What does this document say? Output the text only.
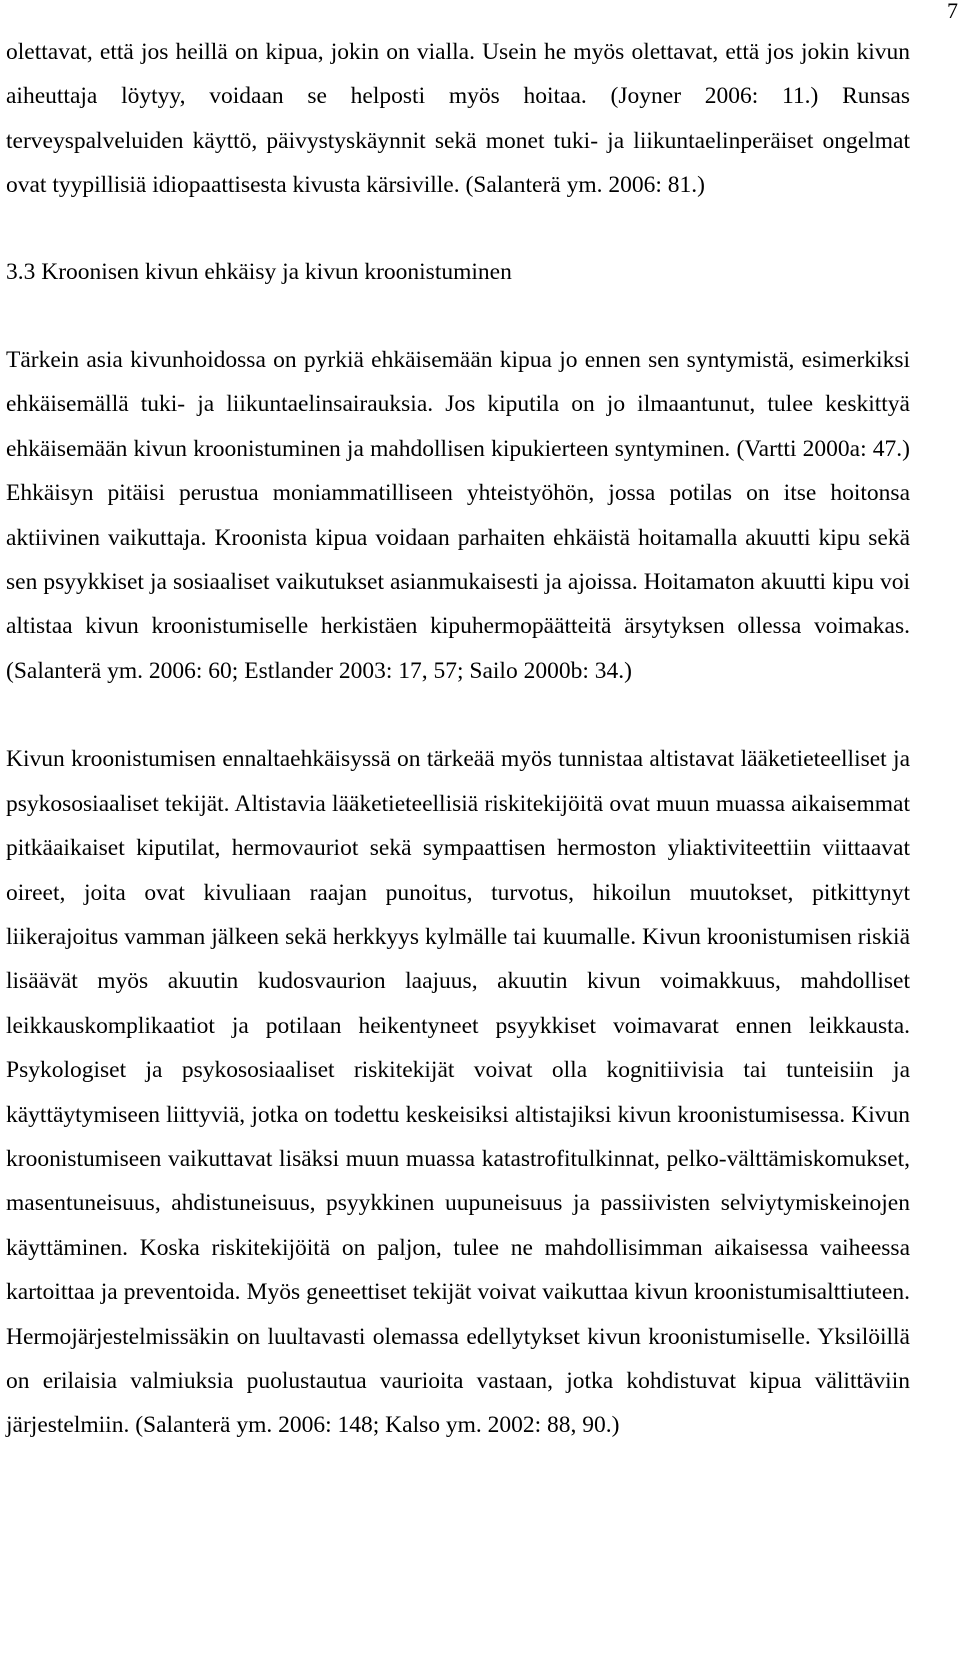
7

olettavat, että jos heillä on kipua, jokin on vialla. Usein he myös olettavat, että jos jokin kivun aiheuttaja löytyy, voidaan se helposti myös hoitaa. (Joyner 2006: 11.) Runsas terveyspalveluiden käyttö, päivystyskäynnit sekä monet tuki- ja liikuntaelinperäiset ongelmat ovat tyypillisiä idiopaattisesta kivusta kärsiville. (Salanterä ym. 2006: 81.)

3.3 Kroonisen kivun ehkäisy ja kivun kroonistuminen

Tärkein asia kivunhoidossa on pyrkiä ehkäisemään kipua jo ennen sen syntymistä, esimerkiksi ehkäisemällä tuki- ja liikuntaelinsairauksia. Jos kiputila on jo ilmaantunut, tulee keskittyä ehkäisemään kivun kroonistuminen ja mahdollisen kipukierteen syntyminen. (Vartti 2000a: 47.) Ehkäisyn pitäisi perustua moniammatilliseen yhteistyöhön, jossa potilas on itse hoitonsa aktiivinen vaikuttaja. Kroonista kipua voidaan parhaiten ehkäistä hoitamalla akuutti kipu sekä sen psyykkiset ja sosiaaliset vaikutukset asianmukaisesti ja ajoissa. Hoitamaton akuutti kipu voi altistaa kivun kroonistumiselle herkistäen kipuhermopäätteitä ärsytyksen ollessa voimakas. (Salanterä ym. 2006: 60; Estlander 2003: 17, 57; Sailo 2000b: 34.)

Kivun kroonistumisen ennaltaehkäisyssä on tärkeää myös tunnistaa altistavat lääketieteelliset ja psykososiaaliset tekijät. Altistavia lääketieteellisiä riskitekijöitä ovat muun muassa aikaisemmat pitkäaikaiset kiputilat, hermovauriot sekä sympaattisen hermoston yliaktiviteettiin viittaavat oireet, joita ovat kivuliaan raajan punoitus, turvotus, hikoilun muutokset, pitkittynyt liikerajoitus vamman jälkeen sekä herkkyys kylmälle tai kuumalle. Kivun kroonistumisen riskiä lisäävät myös akuutin kudosvaurion laajuus, akuutin kivun voimakkuus, mahdolliset leikkauskomplikaatiot ja potilaan heikentyneet psyykkiset voimavarat ennen leikkausta. Psykologiset ja psykososiaaliset riskitekijät voivat olla kognitiivisia tai tunteisiin ja käyttäytymiseen liittyviä, jotka on todettu keskeisiksi altistajiksi kivun kroonistumisessa. Kivun kroonistumiseen vaikuttavat lisäksi muun muassa katastrofitulkinnat, pelko-välttämiskomukset, masentuneisuus, ahdistuneisuus, psyykkinen uupuneisuus ja passiivisten selviytymiskeinojen käyttäminen. Koska riskitekijöitä on paljon, tulee ne mahdollisimman aikaisessa vaiheessa kartoittaa ja preventoida. Myös geneettiset tekijät voivat vaikuttaa kivun kroonistumisalttiuteen. Hermojärjestelmissäkin on luultavasti olemassa edellytykset kivun kroonistumiselle. Yksilöillä on erilaisia valmiuksia puolustautua vaurioita vastaan, jotka kohdistuvat kipua välittäviin järjestelmiin. (Salanterä ym. 2006: 148; Kalso ym. 2002: 88, 90.)
